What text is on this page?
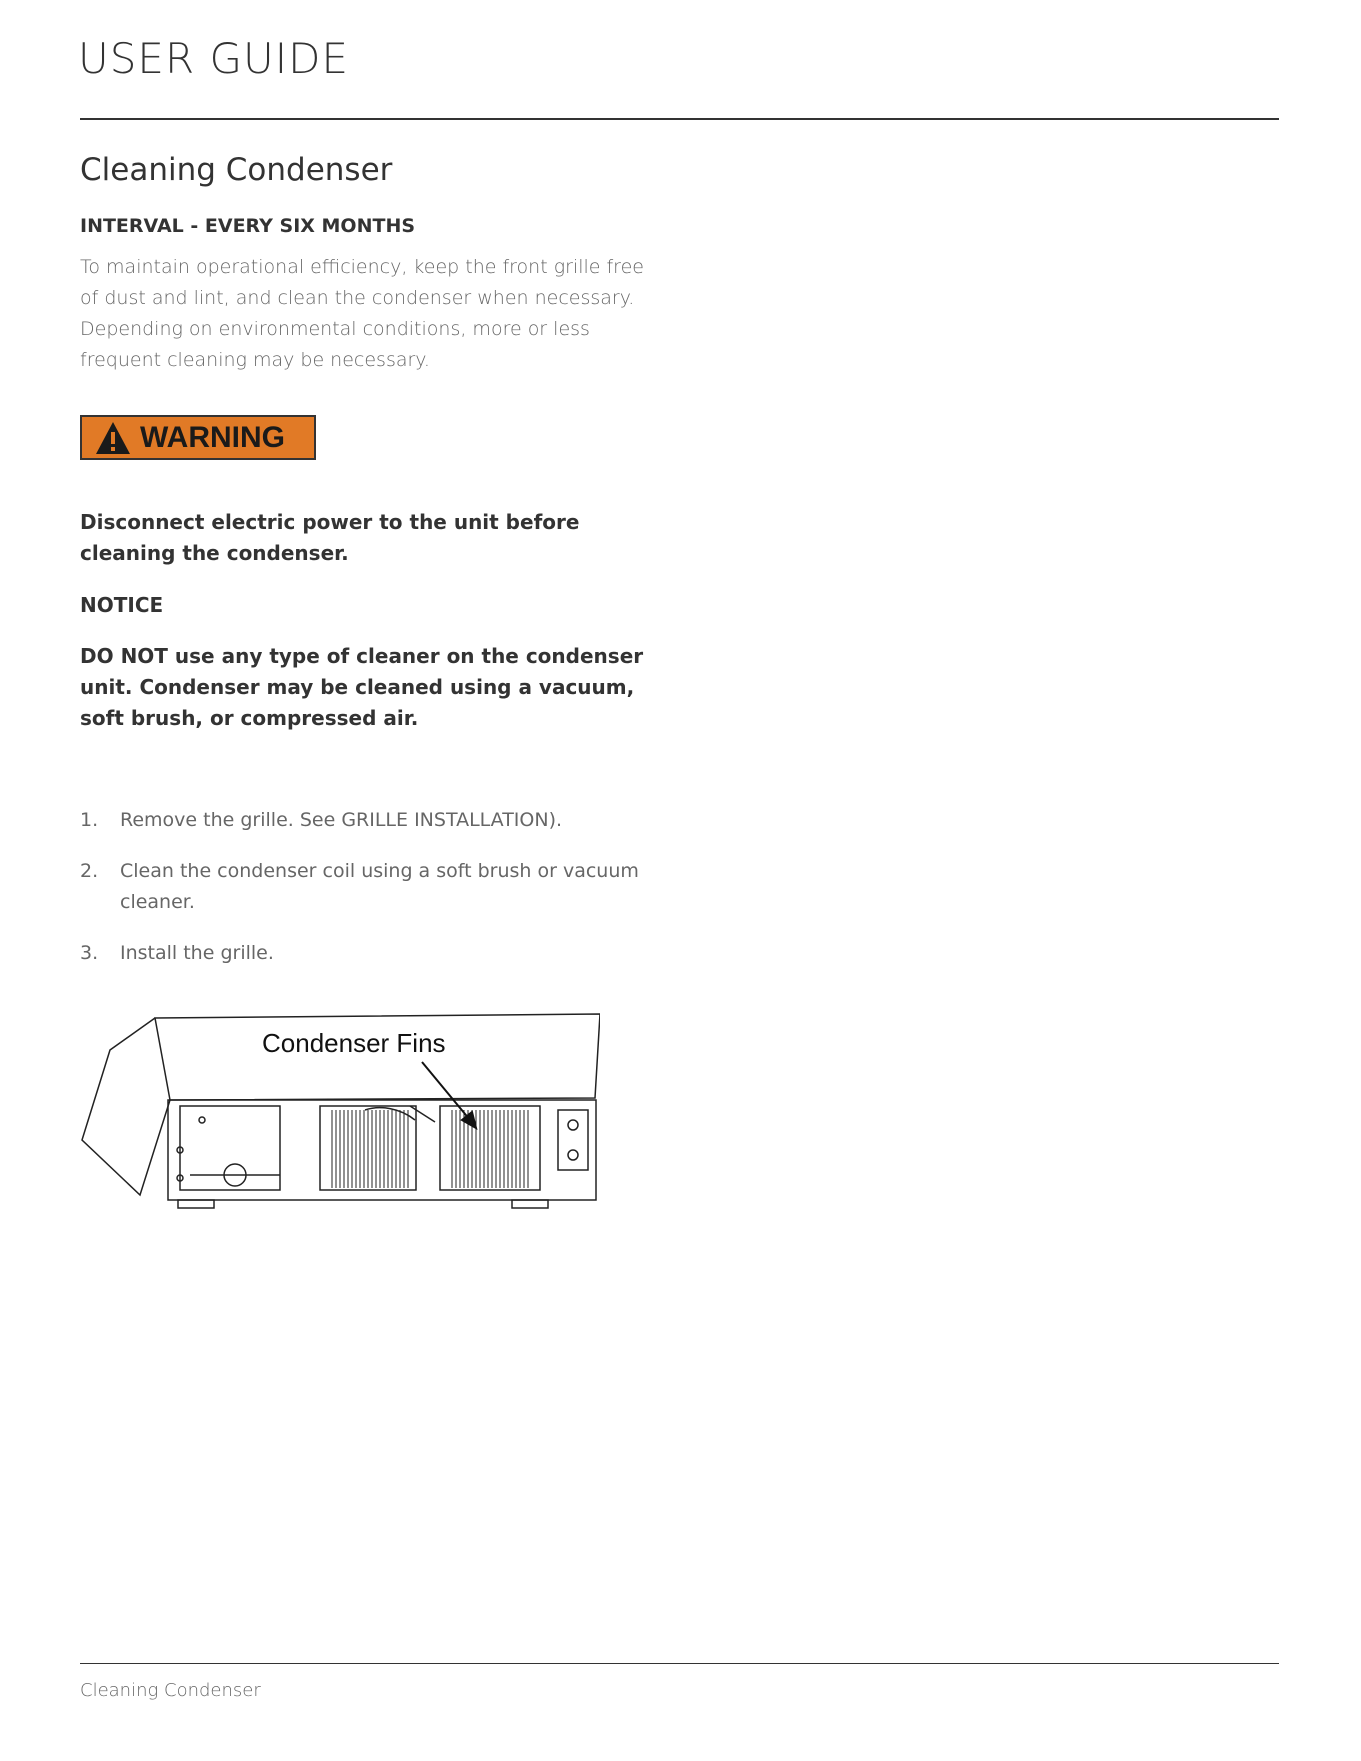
USER GUIDE
Cleaning Condenser
INTERVAL - EVERY SIX MONTHS
To maintain operational efficiency, keep the front grille free of dust and lint, and clean the condenser when necessary. Depending on environmental conditions, more or less frequent cleaning may be necessary.
WARNING
Disconnect electric power to the unit before cleaning the condenser.
NOTICE
DO NOT use any type of cleaner on the condenser unit. Condenser may be cleaned using a vacuum, soft brush, or compressed air.
1.	Remove the grille. See GRILLE INSTALLATION).
2.	Clean the condenser coil using a soft brush or vacuum cleaner.
3.	Install the grille.
Condenser Fins
Cleaning Condenser
